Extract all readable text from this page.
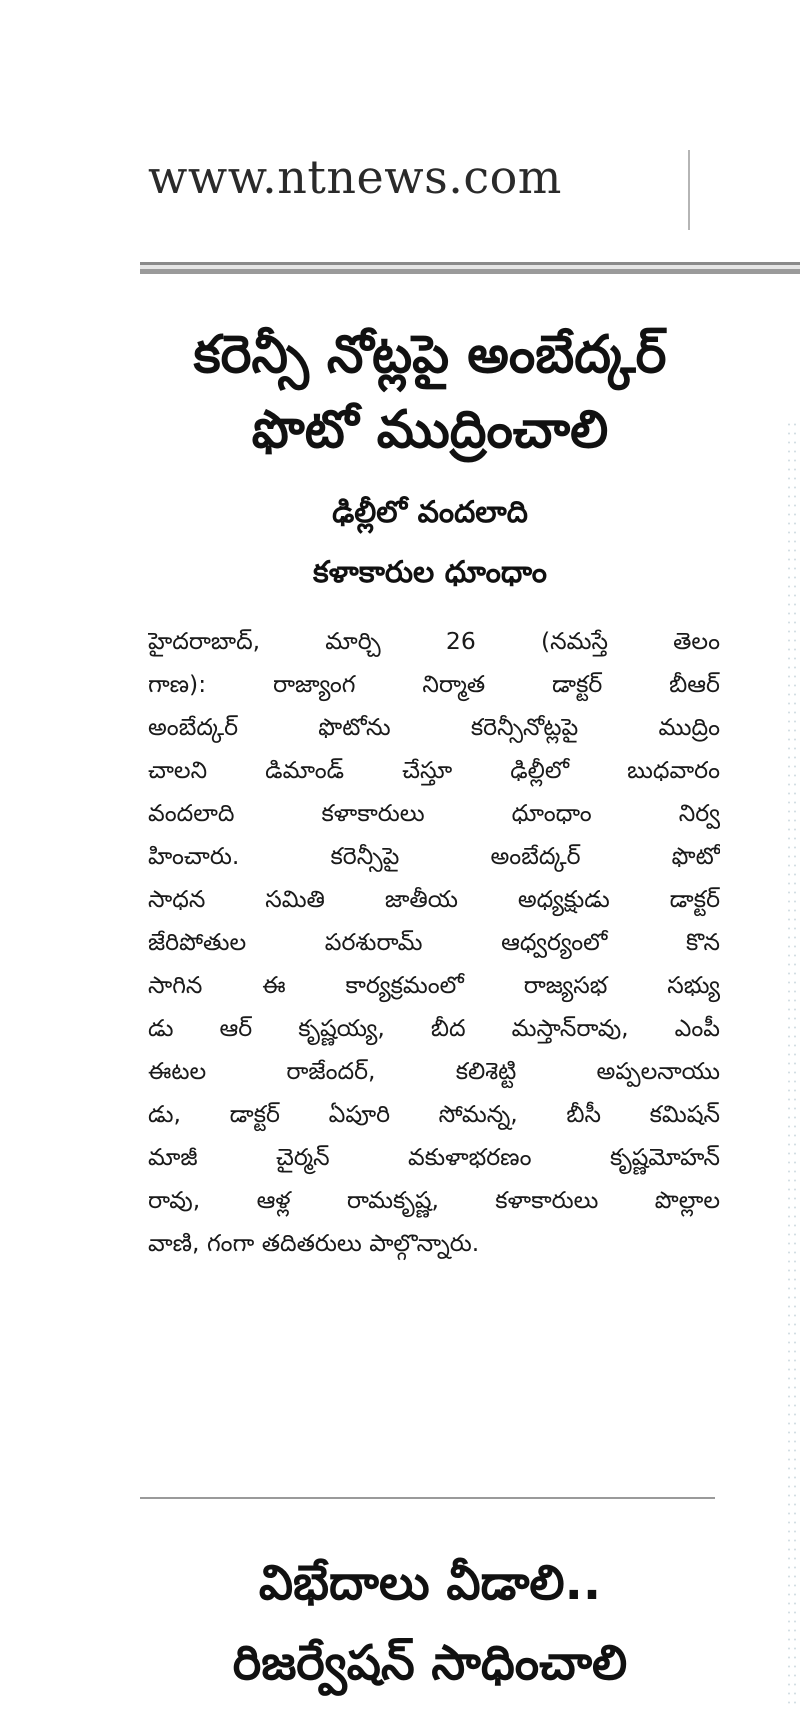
www.ntnews.com
కరెన్సీ నోట్లపై అంబేద్కర్
ఫొటో ముద్రించాలి
ఢిల్లీలో వందలాది
కళాకారుల ధూంధాం
హైదరాబాద్, మార్చి 26 (నమస్తే తెలం
గాణ): రాజ్యాంగ నిర్మాత డాక్టర్ బీఆర్
అంబేద్కర్ ఫొటోను కరెన్సీనోట్లపై ముద్రిం
చాలని డిమాండ్ చేస్తూ ఢిల్లీలో బుధవారం
వందలాది కళాకారులు ధూంధాం నిర్వ
హించారు. కరెన్సీపై అంబేద్కర్ ఫొటో
సాధన సమితి జాతీయ అధ్యక్షుడు డాక్టర్
జేరిపోతుల పరశురామ్ ఆధ్వర్యంలో కొన
సాగిన ఈ కార్యక్రమంలో రాజ్యసభ సభ్యు
డు ఆర్ కృష్ణయ్య, బీద మస్తాన్‌రావు, ఎంపీ
ఈటల రాజేందర్, కలిశెట్టి అప్పలనాయు
డు, డాక్టర్ ఏపూరి సోమన్న, బీసీ కమిషన్
మాజీ చైర్మన్ వకుళాభరణం కృష్ణమోహన్
రావు, ఆళ్ల రామకృష్ణ, కళాకారులు పొల్లాల
వాణి, గంగా తదితరులు పాల్గొన్నారు.
విభేదాలు వీడాలి..
రిజర్వేషన్ సాధించాలి
